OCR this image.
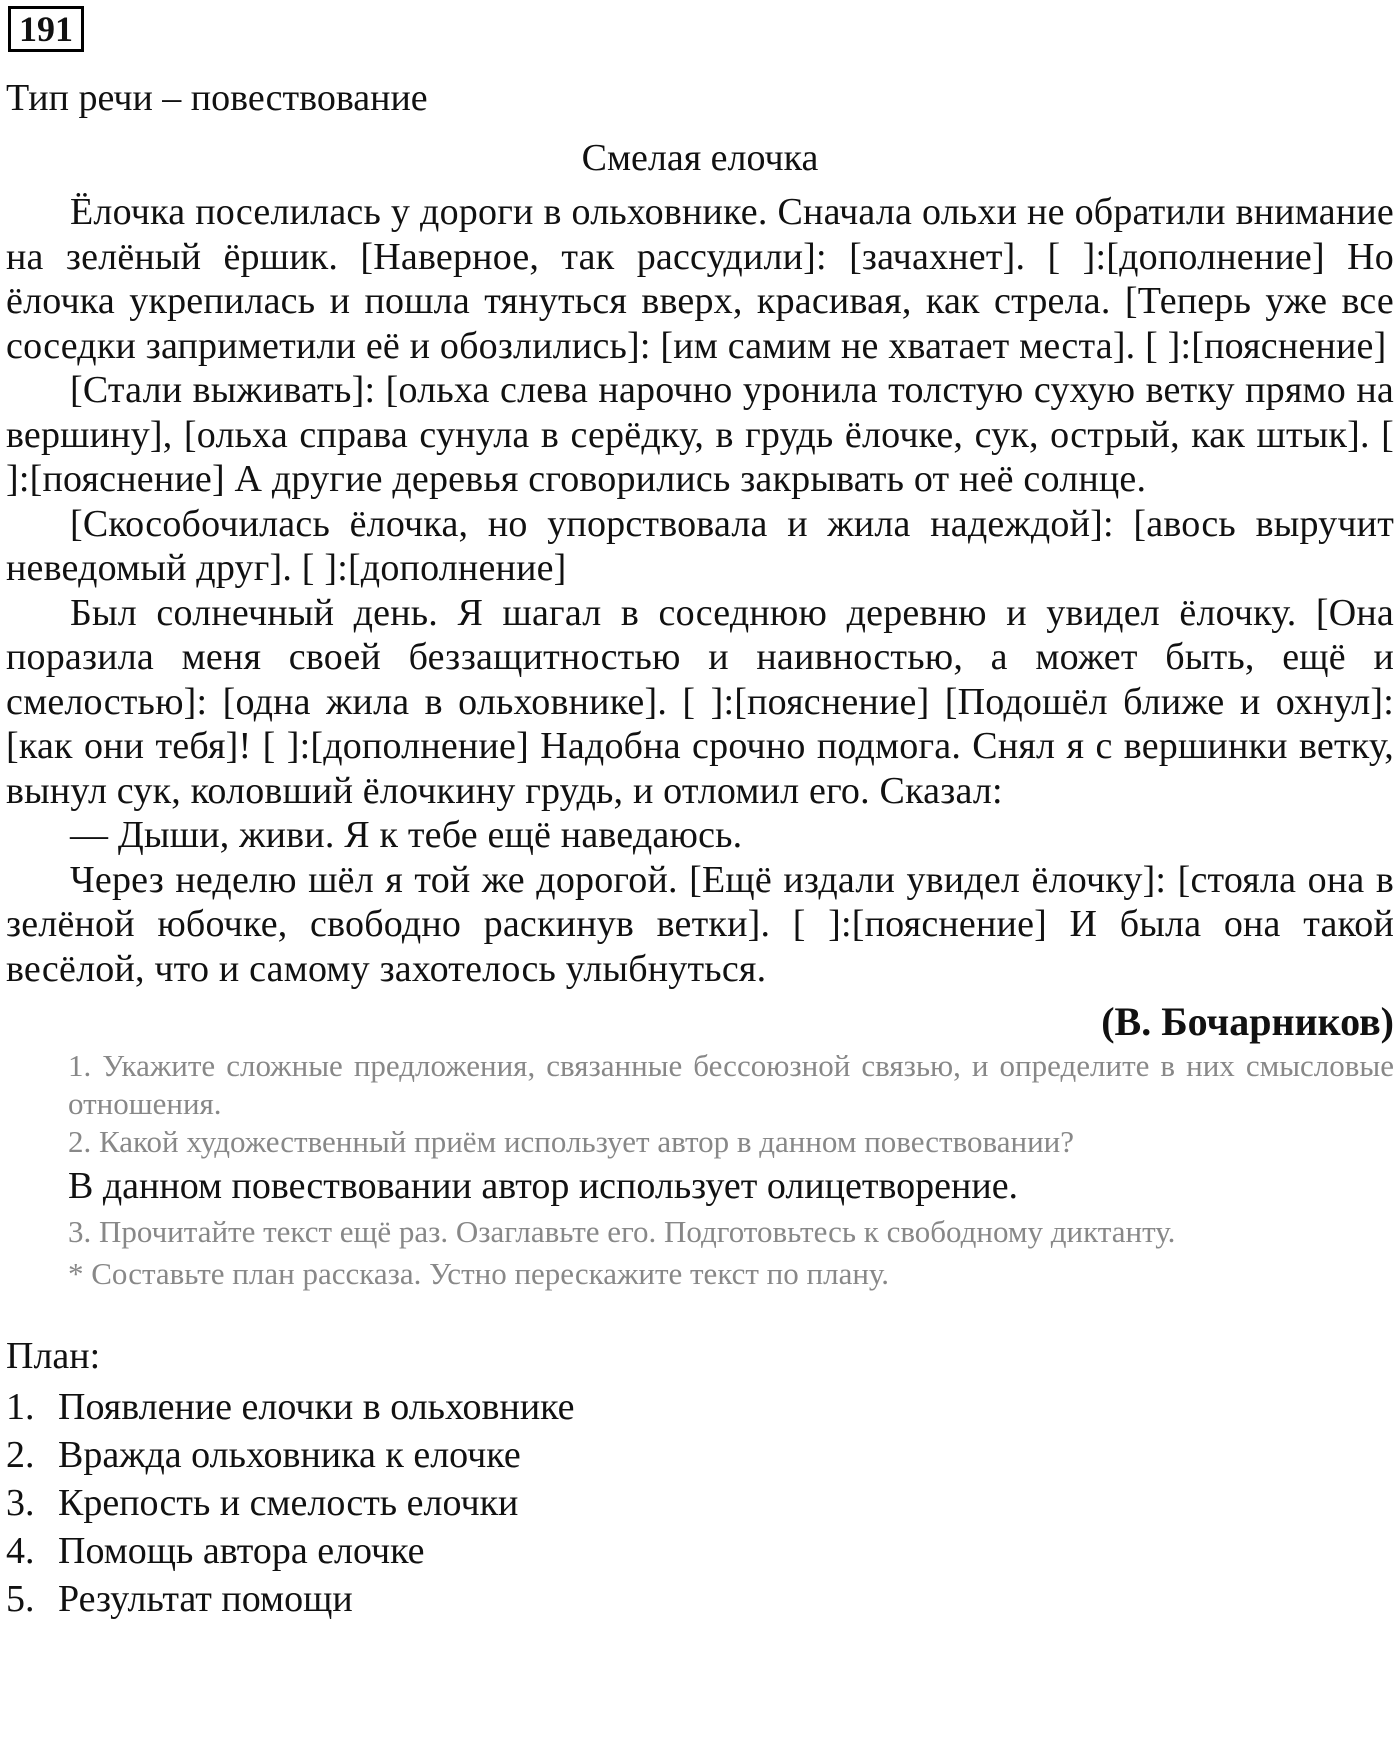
191
Тип речи – повествование
Смелая елочка

Ёлочка поселилась у дороги в ольховнике. Сначала ольхи не обратили внимание на зелёный ёршик. [Наверное, так рассудили]: [зачахнет]. [ ]:[дополнение] Но ёлочка укрепилась и пошла тянуться вверх, красивая, как стрела. [Теперь уже все соседки заприметили её и обозлились]: [им самим не хватает места]. [ ]:[пояснение]

[Стали выживать]: [ольха слева нарочно уронила толстую сухую ветку прямо на вершину], [ольха справа сунула в серёдку, в грудь ёлочке, сук, острый, как штык]. [ ]:[пояснение] А другие деревья сговорились закрывать от неё солнце.

[Скособочилась ёлочка, но упорствовала и жила надеждой]: [авось выручит неведомый друг]. [ ]:[дополнение]

Был солнечный день. Я шагал в соседнюю деревню и увидел ёлочку. [Она поразила меня своей беззащитностью и наивностью, а может быть, ещё и смелостью]: [одна жила в ольховнике]. [ ]:[пояснение] [Подошёл ближе и охнул]: [как они тебя]! [ ]:[дополнение] Надобна срочно подмога. Снял я с вершинки ветку, вынул сук, коловший ёлочкину грудь, и отломил его. Сказал:

— Дыши, живи. Я к тебе ещё наведаюсь.

Через неделю шёл я той же дорогой. [Ещё издали увидел ёлочку]: [стояла она в зелёной юбочке, свободно раскинув ветки]. [ ]:[пояснение] И была она такой весёлой, что и самому захотелось улыбнуться.

(В. Бочарников)
1. Укажите сложные предложения, связанные бессоюзной связью, и определите в них смысловые отношения.
2. Какой художественный приём использует автор в данном повествовании?
В данном повествовании автор использует олицетворение.
3. Прочитайте текст ещё раз. Озаглавьте его. Подготовьтесь к свободному диктанту.
* Составьте план рассказа. Устно перескажите текст по плану.
План:
1. Появление елочки в ольховнике
2. Вражда ольховника к елочке
3. Крепость и смелость елочки
4. Помощь автора елочке
5. Результат помощи
